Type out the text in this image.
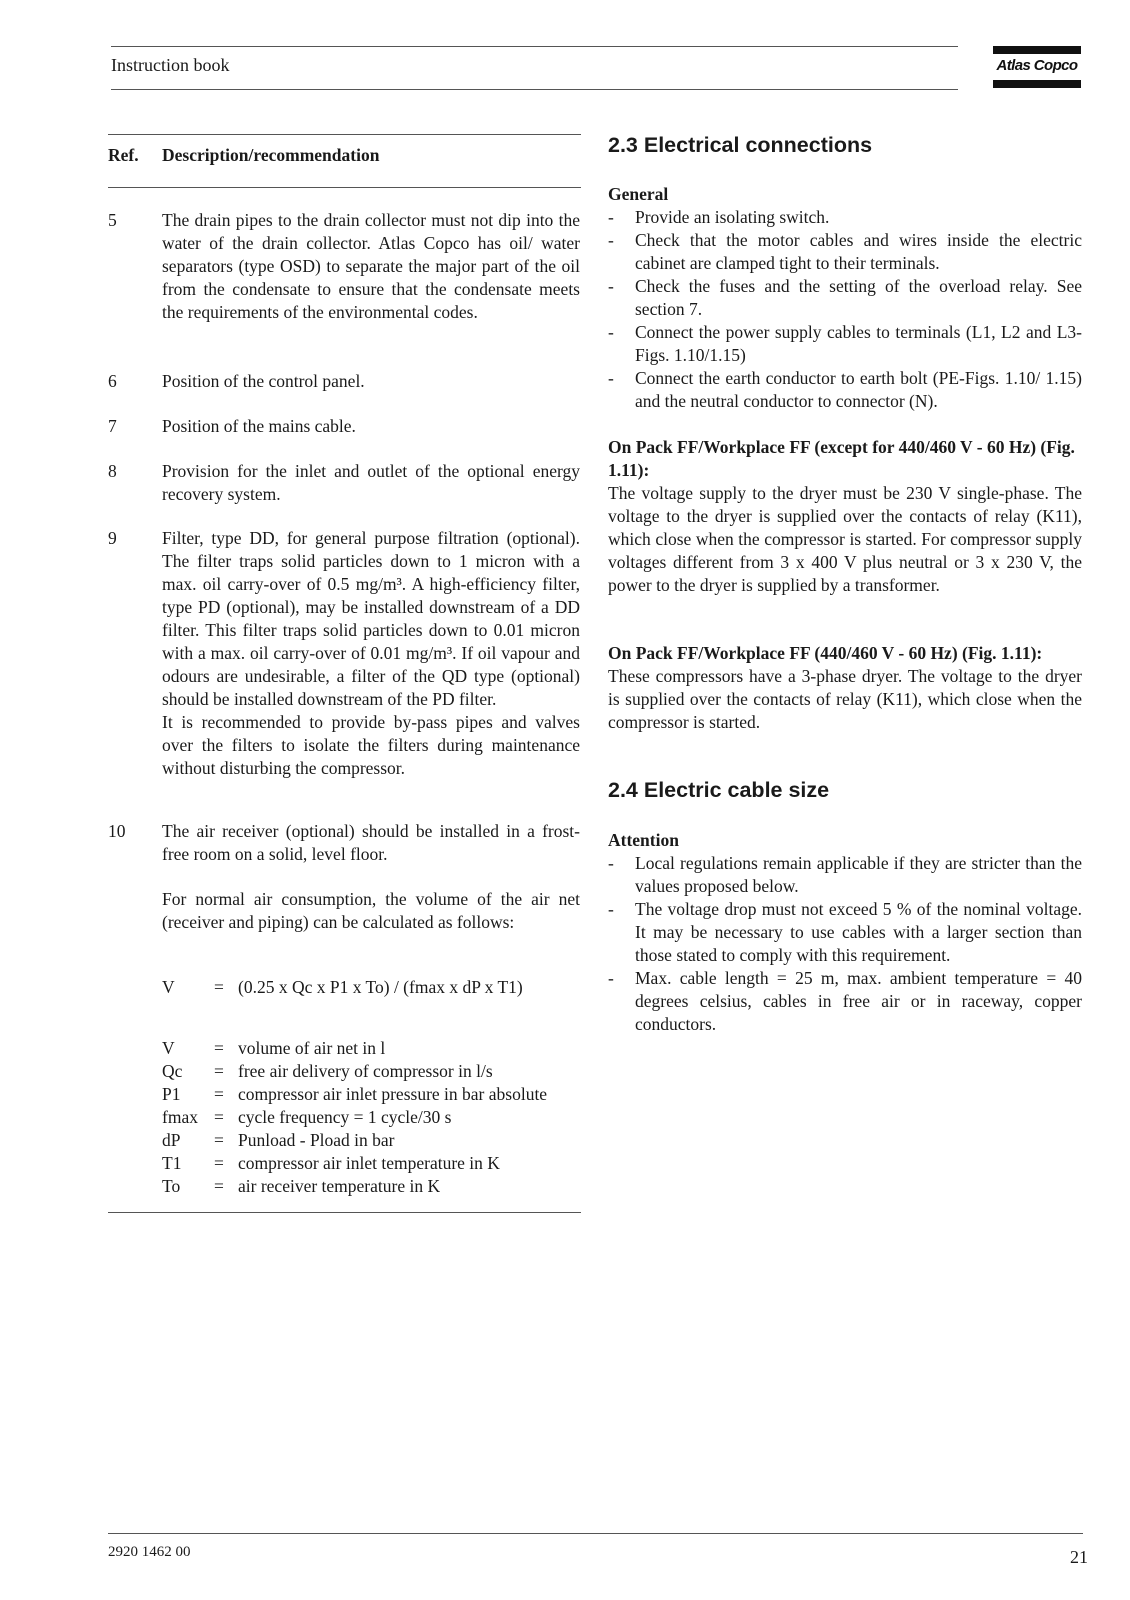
Instruction book	Atlas Copco
Ref. Description/recommendation
5	The drain pipes to the drain collector must not dip into the water of the drain collector. Atlas Copco has oil/ water separators (type OSD) to separate the major part of the oil from the condensate to ensure that the condensate meets the requirements of the environmental codes.

6	Position of the control panel.

7	Position of the mains cable.

8	Provision for the inlet and outlet of the optional energy recovery system.

9	Filter, type DD, for general purpose filtration (optional). The filter traps solid particles down to 1 micron with a max. oil carry-over of 0.5 mg/m³. A high-efficiency filter, type PD (optional), may be installed downstream of a DD filter. This filter traps solid particles down to 0.01 micron with a max. oil carry-over of 0.01 mg/m³. If oil vapour and odours are undesirable, a filter of the QD type (optional) should be installed downstream of the PD filter.

It is recommended to provide by-pass pipes and valves over the filters to isolate the filters during maintenance without disturbing the compressor.

10 The air receiver (optional) should be installed in a frost-free room on a solid, level floor.

For normal air consumption, the volume of the air net (receiver and piping) can be calculated as follows:

V = (0.25 x Qc x P1 x To) / (fmax x dP x T1)
V = volume of air net in l
Qc = free air delivery of compressor in l/s
P1 = compressor air inlet pressure in bar absolute
fmax = cycle frequency = 1 cycle/30 s
dP = Punload - Pload in bar
T1 = compressor air inlet temperature in K
To = air receiver temperature in K
2.3 Electrical connections
General
- Provide an isolating switch.
- Check that the motor cables and wires inside the electric cabinet are clamped tight to their terminals.
- Check the fuses and the setting of the overload relay. See section 7.
- Connect the power supply cables to terminals (L1, L2 and L3-Figs. 1.10/1.15)
- Connect the earth conductor to earth bolt (PE-Figs. 1.10/ 1.15) and the neutral conductor to connector (N).
On Pack FF/Workplace FF (except for 440/460 V - 60 Hz) (Fig. 1.11):
The voltage supply to the dryer must be 230 V single-phase. The voltage to the dryer is supplied over the contacts of relay (K11), which close when the compressor is started. For compressor supply voltages different from 3 x 400 V plus neutral or 3 x 230 V, the power to the dryer is supplied by a transformer.
On Pack FF/Workplace FF (440/460 V - 60 Hz) (Fig. 1.11):
These compressors have a 3-phase dryer. The voltage to the dryer is supplied over the contacts of relay (K11), which close when the compressor is started.
2.4 Electric cable size
Attention
- Local regulations remain applicable if they are stricter than the values proposed below.
- The voltage drop must not exceed 5 % of the nominal voltage. It may be necessary to use cables with a larger section than those stated to comply with this requirement.
- Max. cable length = 25 m, max. ambient temperature = 40 degrees celsius, cables in free air or in raceway, copper conductors.
2920 1462 00	21
